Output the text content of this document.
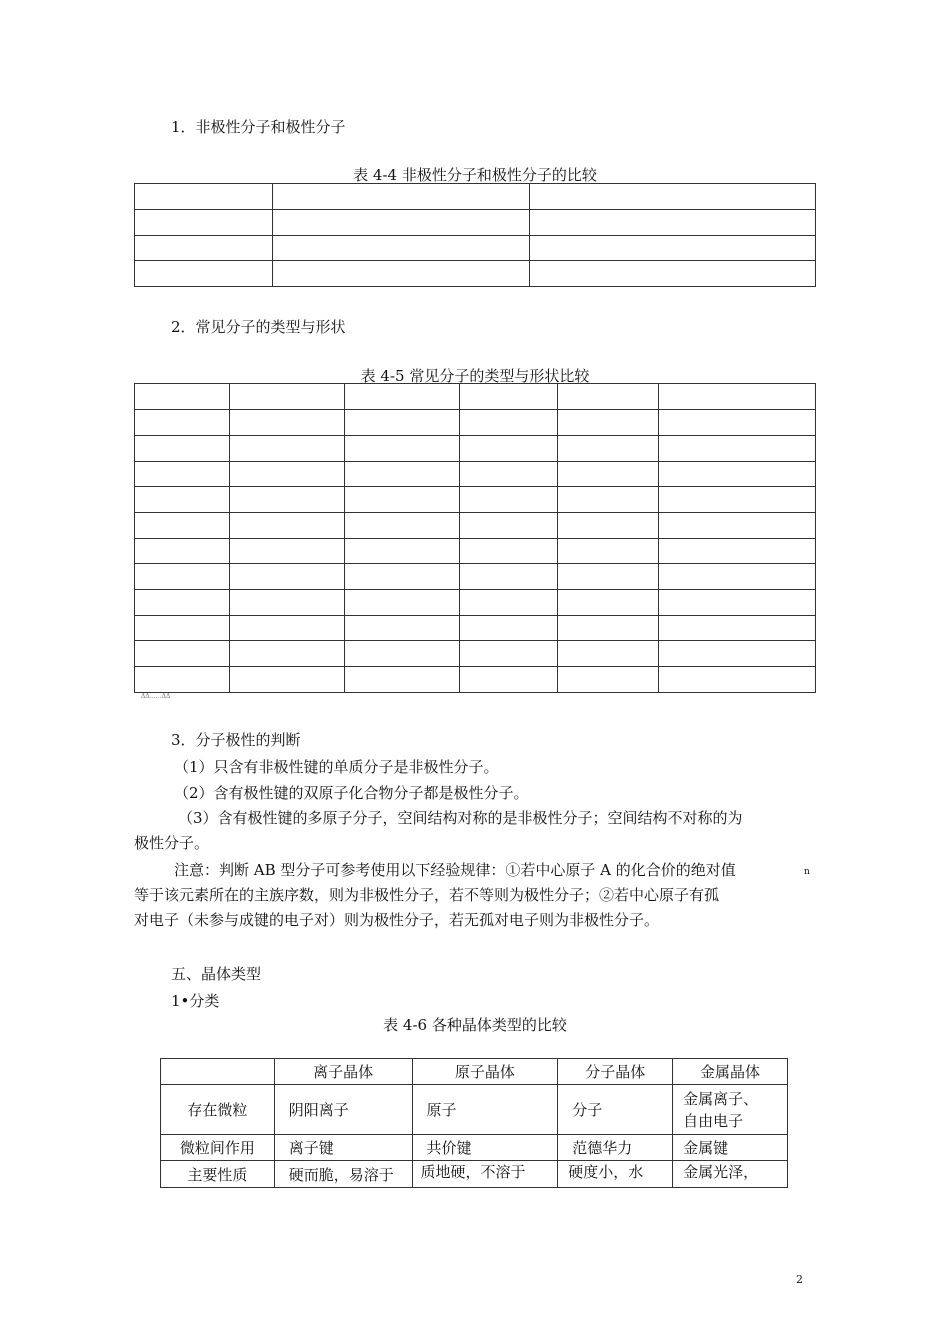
1．非极性分子和极性分子
表 4-4 非极性分子和极性分子的比较

2．常见分子的类型与形状
表 4-5 常见分子的类型与形状比较

ΔΔ……ΔΔ
3．分子极性的判断
（1）只含有非极性键的单质分子是非极性分子。
（2）含有极性键的双原子化合物分子都是极性分子。
（3）含有极性键的多原子分子，空间结构对称的是非极性分子；空间结构不对称的为
极性分子。
注意：判断 AB 型分子可参考使用以下经验规律：①若中心原子 A 的化合价的绝对值	n
等于该元素所在的主族序数，则为非极性分子，若不等则为极性分子；②若中心原子有孤
对电子（未参与成键的电子对）则为极性分子，若无孤对电子则为非极性分子。
五、晶体类型
1•分类
表 4-6 各种晶体类型的比较
	离子晶体	原子晶体	分子晶体	金属晶体
存在微粒	阴阳离子	原子	分子	金属离子、
自由电子

微粒间作用	离子键	共价键	范德华力	金属键

主要性质	硬而脆，易溶于	质地硬，不溶于	硬度小，水	金属光泽，
2
